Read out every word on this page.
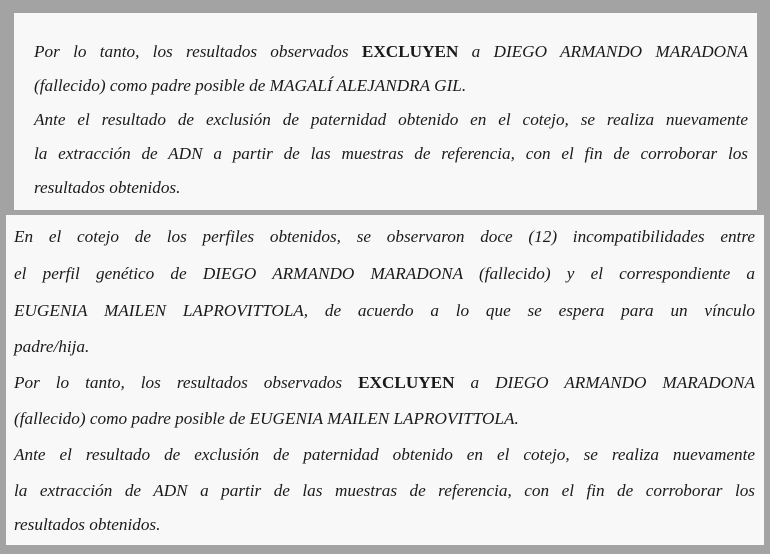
Por lo tanto, los resultados observados EXCLUYEN a DIEGO ARMANDO MARADONA
(fallecido) como padre posible de MAGALÍ ALEJANDRA GIL.
Ante el resultado de exclusión de paternidad obtenido en el cotejo, se realiza nuevamente
la extracción de ADN a partir de las muestras de referencia, con el fin de corroborar los
resultados obtenidos.
En el cotejo de los perfiles obtenidos, se observaron doce (12) incompatibilidades entre
el perfil genético de DIEGO ARMANDO MARADONA (fallecido) y el correspondiente a
EUGENIA MAILEN LAPROVITTOLA, de acuerdo a lo que se espera para un vínculo
padre/hija.
Por lo tanto, los resultados observados EXCLUYEN a DIEGO ARMANDO MARADONA
(fallecido) como padre posible de EUGENIA MAILEN LAPROVITTOLA.
Ante el resultado de exclusión de paternidad obtenido en el cotejo, se realiza nuevamente
la extracción de ADN a partir de las muestras de referencia, con el fin de corroborar los
resultados obtenidos.
